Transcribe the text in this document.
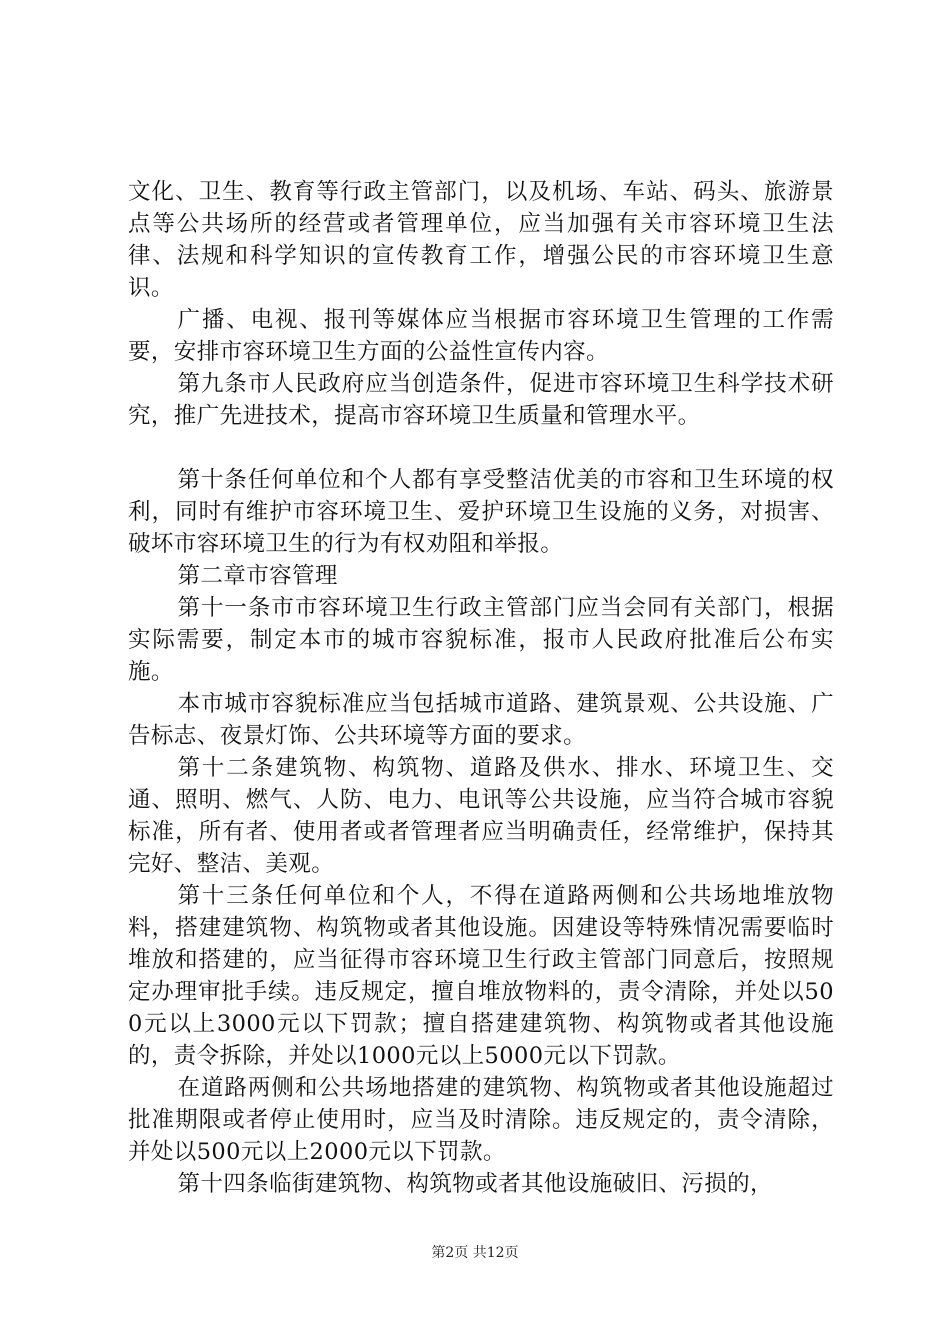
文化、卫生、教育等行政主管部门，以及机场、车站、码头、旅游景点等公共场所的经营或者管理单位，应当加强有关市容环境卫生法律、法规和科学知识的宣传教育工作，增强公民的市容环境卫生意识。

广播、电视、报刊等媒体应当根据市容环境卫生管理的工作需要，安排市容环境卫生方面的公益性宣传内容。

第九条市人民政府应当创造条件，促进市容环境卫生科学技术研究，推广先进技术，提高市容环境卫生质量和管理水平。

第十条任何单位和个人都有享受整洁优美的市容和卫生环境的权利，同时有维护市容环境卫生、爱护环境卫生设施的义务，对损害、破坏市容环境卫生的行为有权劝阻和举报。

第二章市容管理

第十一条市市容环境卫生行政主管部门应当会同有关部门，根据实际需要，制定本市的城市容貌标准，报市人民政府批准后公布实施。

本市城市容貌标准应当包括城市道路、建筑景观、公共设施、广告标志、夜景灯饰、公共环境等方面的要求。

第十二条建筑物、构筑物、道路及供水、排水、环境卫生、交通、照明、燃气、人防、电力、电讯等公共设施，应当符合城市容貌标准，所有者、使用者或者管理者应当明确责任，经常维护，保持其完好、整洁、美观。

第十三条任何单位和个人，不得在道路两侧和公共场地堆放物料，搭建建筑物、构筑物或者其他设施。因建设等特殊情况需要临时堆放和搭建的，应当征得市容环境卫生行政主管部门同意后，按照规定办理审批手续。违反规定，擅自堆放物料的，责令清除，并处以500元以上3000元以下罚款；擅自搭建建筑物、构筑物或者其他设施的，责令拆除，并处以1000元以上5000元以下罚款。

在道路两侧和公共场地搭建的建筑物、构筑物或者其他设施超过批准期限或者停止使用时，应当及时清除。违反规定的，责令清除，并处以500元以上2000元以下罚款。

第十四条临街建筑物、构筑物或者其他设施破旧、污损的，

第2页 共12页
